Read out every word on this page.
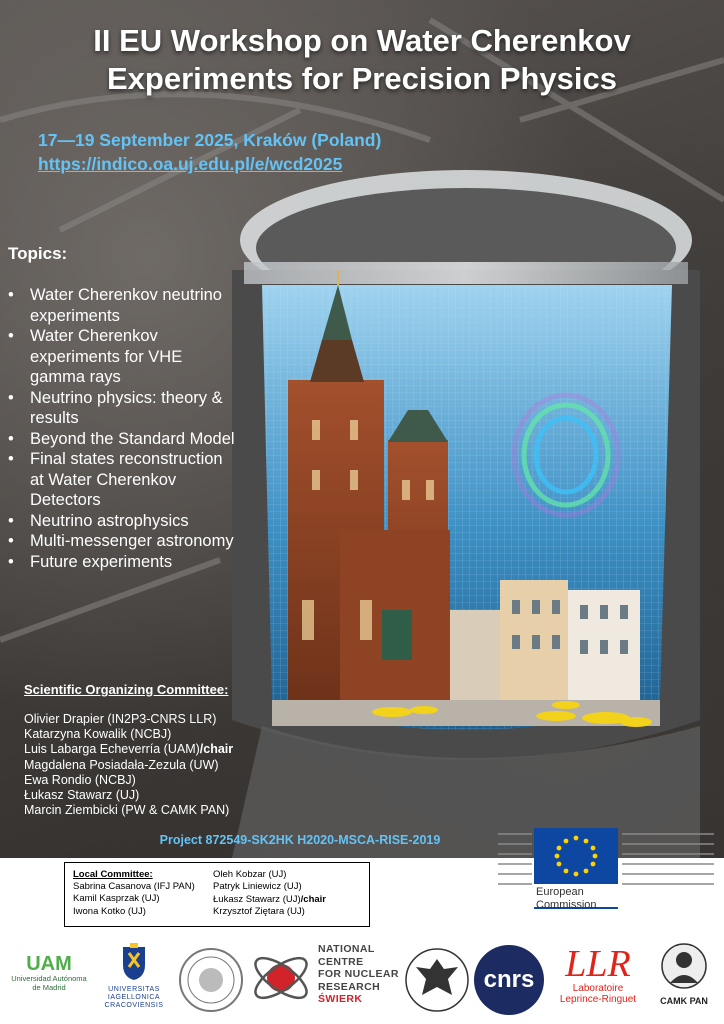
II EU Workshop on Water Cherenkov
Experiments for Precision Physics
17—19 September 2025, Kraków (Poland)
https://indico.oa.uj.edu.pl/e/wcd2025
Topics:
• Water Cherenkov neutrino experiments
• Water Cherenkov experiments for VHE gamma rays
• Neutrino physics: theory & results
• Beyond the Standard Model
• Final states reconstruction at Water Cherenkov Detectors
• Neutrino astrophysics
• Multi-messenger astronomy
• Future experiments
Scientific Organizing Committee:
Olivier Drapier (IN2P3-CNRS LLR)
Katarzyna Kowalik (NCBJ)
Luis Labarga Echeverría (UAM)/chair
Magdalena Posiadała-Zezula (UW)
Ewa Rondio (NCBJ)
Łukasz Stawarz (UJ)
Marcin Ziembicki (PW & CAMK PAN)
Project 872549-SK2HK H2020-MSCA-RISE-2019
European
Commission
Local Committee:
Sabrina Casanova (IFJ PAN)
Kamil Kasprzak (UJ)
Iwona Kotko (UJ)
Oleh Kobzar (UJ)
Patryk Liniewicz (UJ)
Łukasz Stawarz (UJ)/chair
Krzysztof Ziętara (UJ)
UAM
Universidad Autónoma
de Madrid	UNIVERSITAS
IAGELLONICA
CRACOVIENSIS
NATIONAL
CENTRE
FOR NUCLEAR
RESEARCH
ŚWIERK
cnrs LLR
Laboratoire
Leprince-Ringuet	CAMK PAN
